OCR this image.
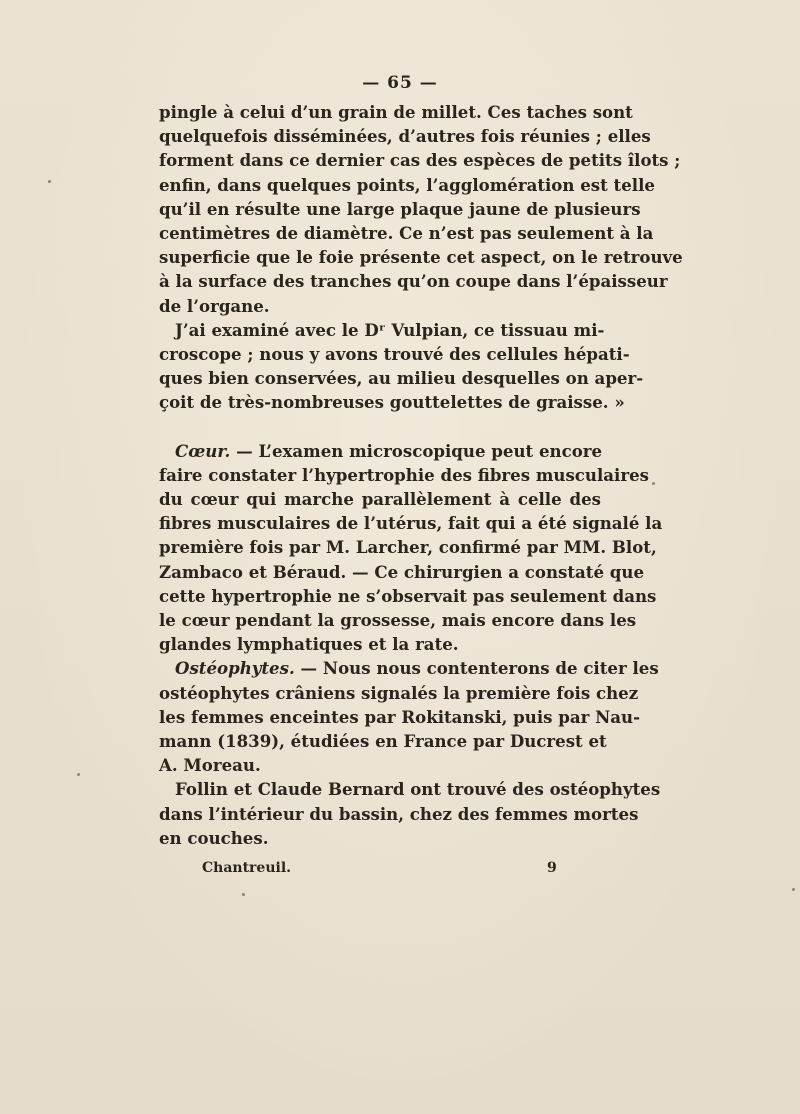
— 65 —
pingle à celui d’un grain de millet. Ces taches sont
quelquefois disséminées, d’autres fois réunies ; elles
forment dans ce dernier cas des espèces de petits îlots ;
enfin, dans quelques points, l’agglomération est telle
qu’il en résulte une large plaque jaune de plusieurs
centimètres de diamètre. Ce n’est pas seulement à la
superficie que le foie présente cet aspect, on le retrouve
à la surface des tranches qu’on coupe dans l’épaisseur
de l’organe.
J’ai examiné avec le Dʳ Vulpian, ce tissuau mi-
croscope ; nous y avons trouvé des cellules hépati-
ques bien conservées, au milieu desquelles on aper-
çoit de très-nombreuses gouttelettes de graisse. »
Cœur. — L’examen microscopique peut encore
faire constater l’hypertrophie des fibres musculaires
du cœur qui marche parallèlement à celle des
fibres musculaires de l’utérus, fait qui a été signalé la
première fois par M. Larcher, confirmé par MM. Blot,
Zambaco et Béraud. — Ce chirurgien a constaté que
cette hypertrophie ne s’observait pas seulement dans
le cœur pendant la grossesse, mais encore dans les
glandes lymphatiques et la rate.
Ostéophytes. — Nous nous contenterons de citer les
ostéophytes crâniens signalés la première fois chez
les femmes enceintes par Rokitanski, puis par Nau-
mann (1839), étudiées en France par Ducrest et
A. Moreau.
Follin et Claude Bernard ont trouvé des ostéophytes
dans l’intérieur du bassin, chez des femmes mortes
en couches.
Chantreuil.	9
